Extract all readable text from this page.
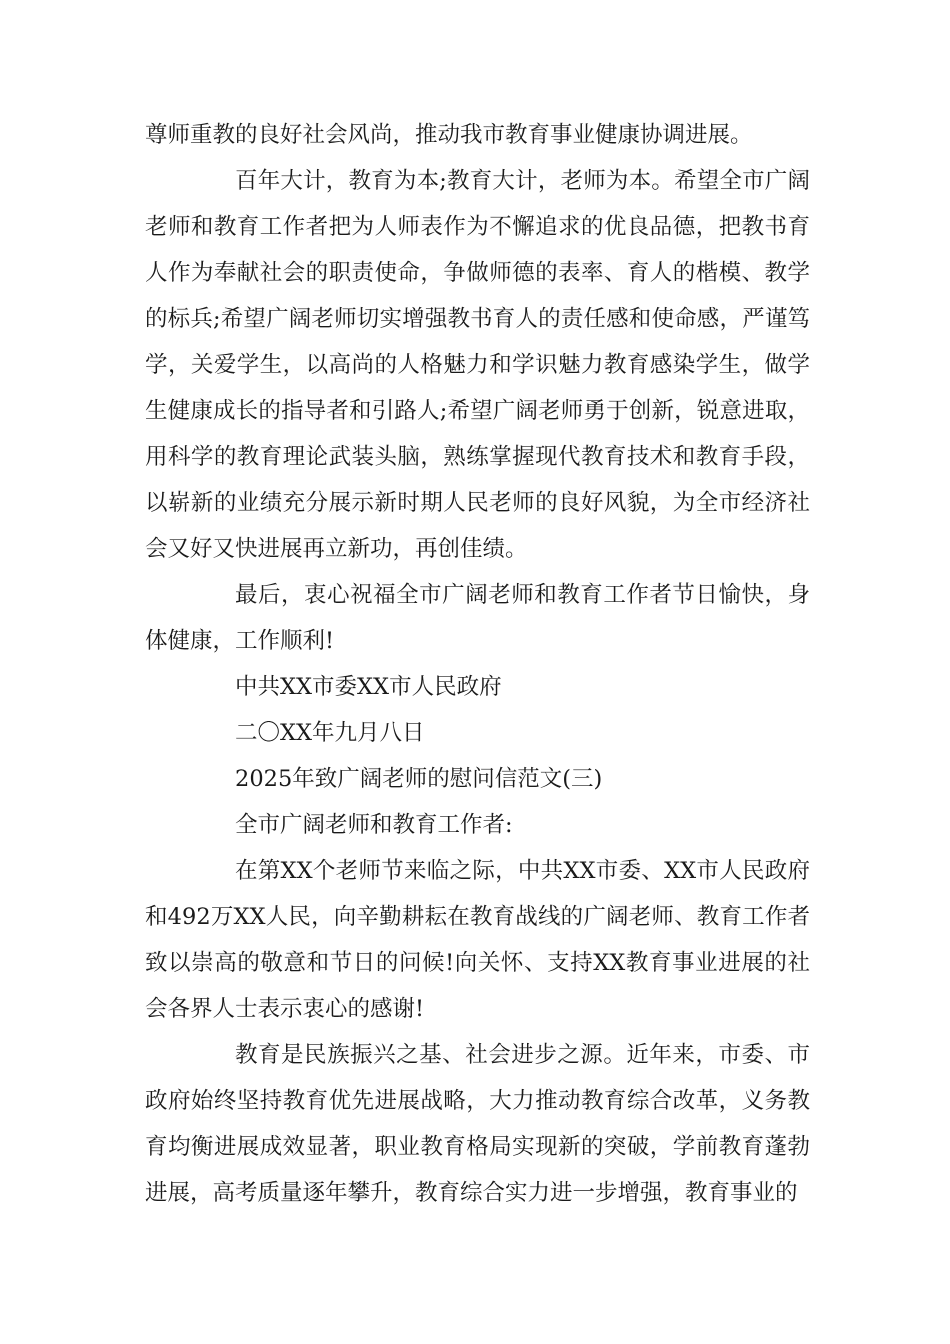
尊师重教的良好社会风尚，推动我市教育事业健康协调进展。

百年大计，教育为本;教育大计，老师为本。希望全市广阔老师和教育工作者把为人师表作为不懈追求的优良品德，把教书育人作为奉献社会的职责使命，争做师德的表率、育人的楷模、教学的标兵;希望广阔老师切实增强教书育人的责任感和使命感，严谨笃学，关爱学生，以高尚的人格魅力和学识魅力教育感染学生，做学生健康成长的指导者和引路人;希望广阔老师勇于创新，锐意进取，用科学的教育理论武装头脑，熟练掌握现代教育技术和教育手段，以崭新的业绩充分展示新时期人民老师的良好风貌，为全市经济社会又好又快进展再立新功，再创佳绩。

最后，衷心祝福全市广阔老师和教育工作者节日愉快，身体健康，工作顺利!

中共XX市委XX市人民政府

二〇XX年九月八日

2025年致广阔老师的慰问信范文(三)

全市广阔老师和教育工作者:

在第XX个老师节来临之际，中共XX市委、XX市人民政府和492万XX人民，向辛勤耕耘在教育战线的广阔老师、教育工作者致以崇高的敬意和节日的问候!向关怀、支持XX教育事业进展的社会各界人士表示衷心的感谢!

教育是民族振兴之基、社会进步之源。近年来，市委、市政府始终坚持教育优先进展战略，大力推动教育综合改革，义务教育均衡进展成效显著，职业教育格局实现新的突破，学前教育蓬勃进展，高考质量逐年攀升，教育综合实力进一步增强，教育事业的
